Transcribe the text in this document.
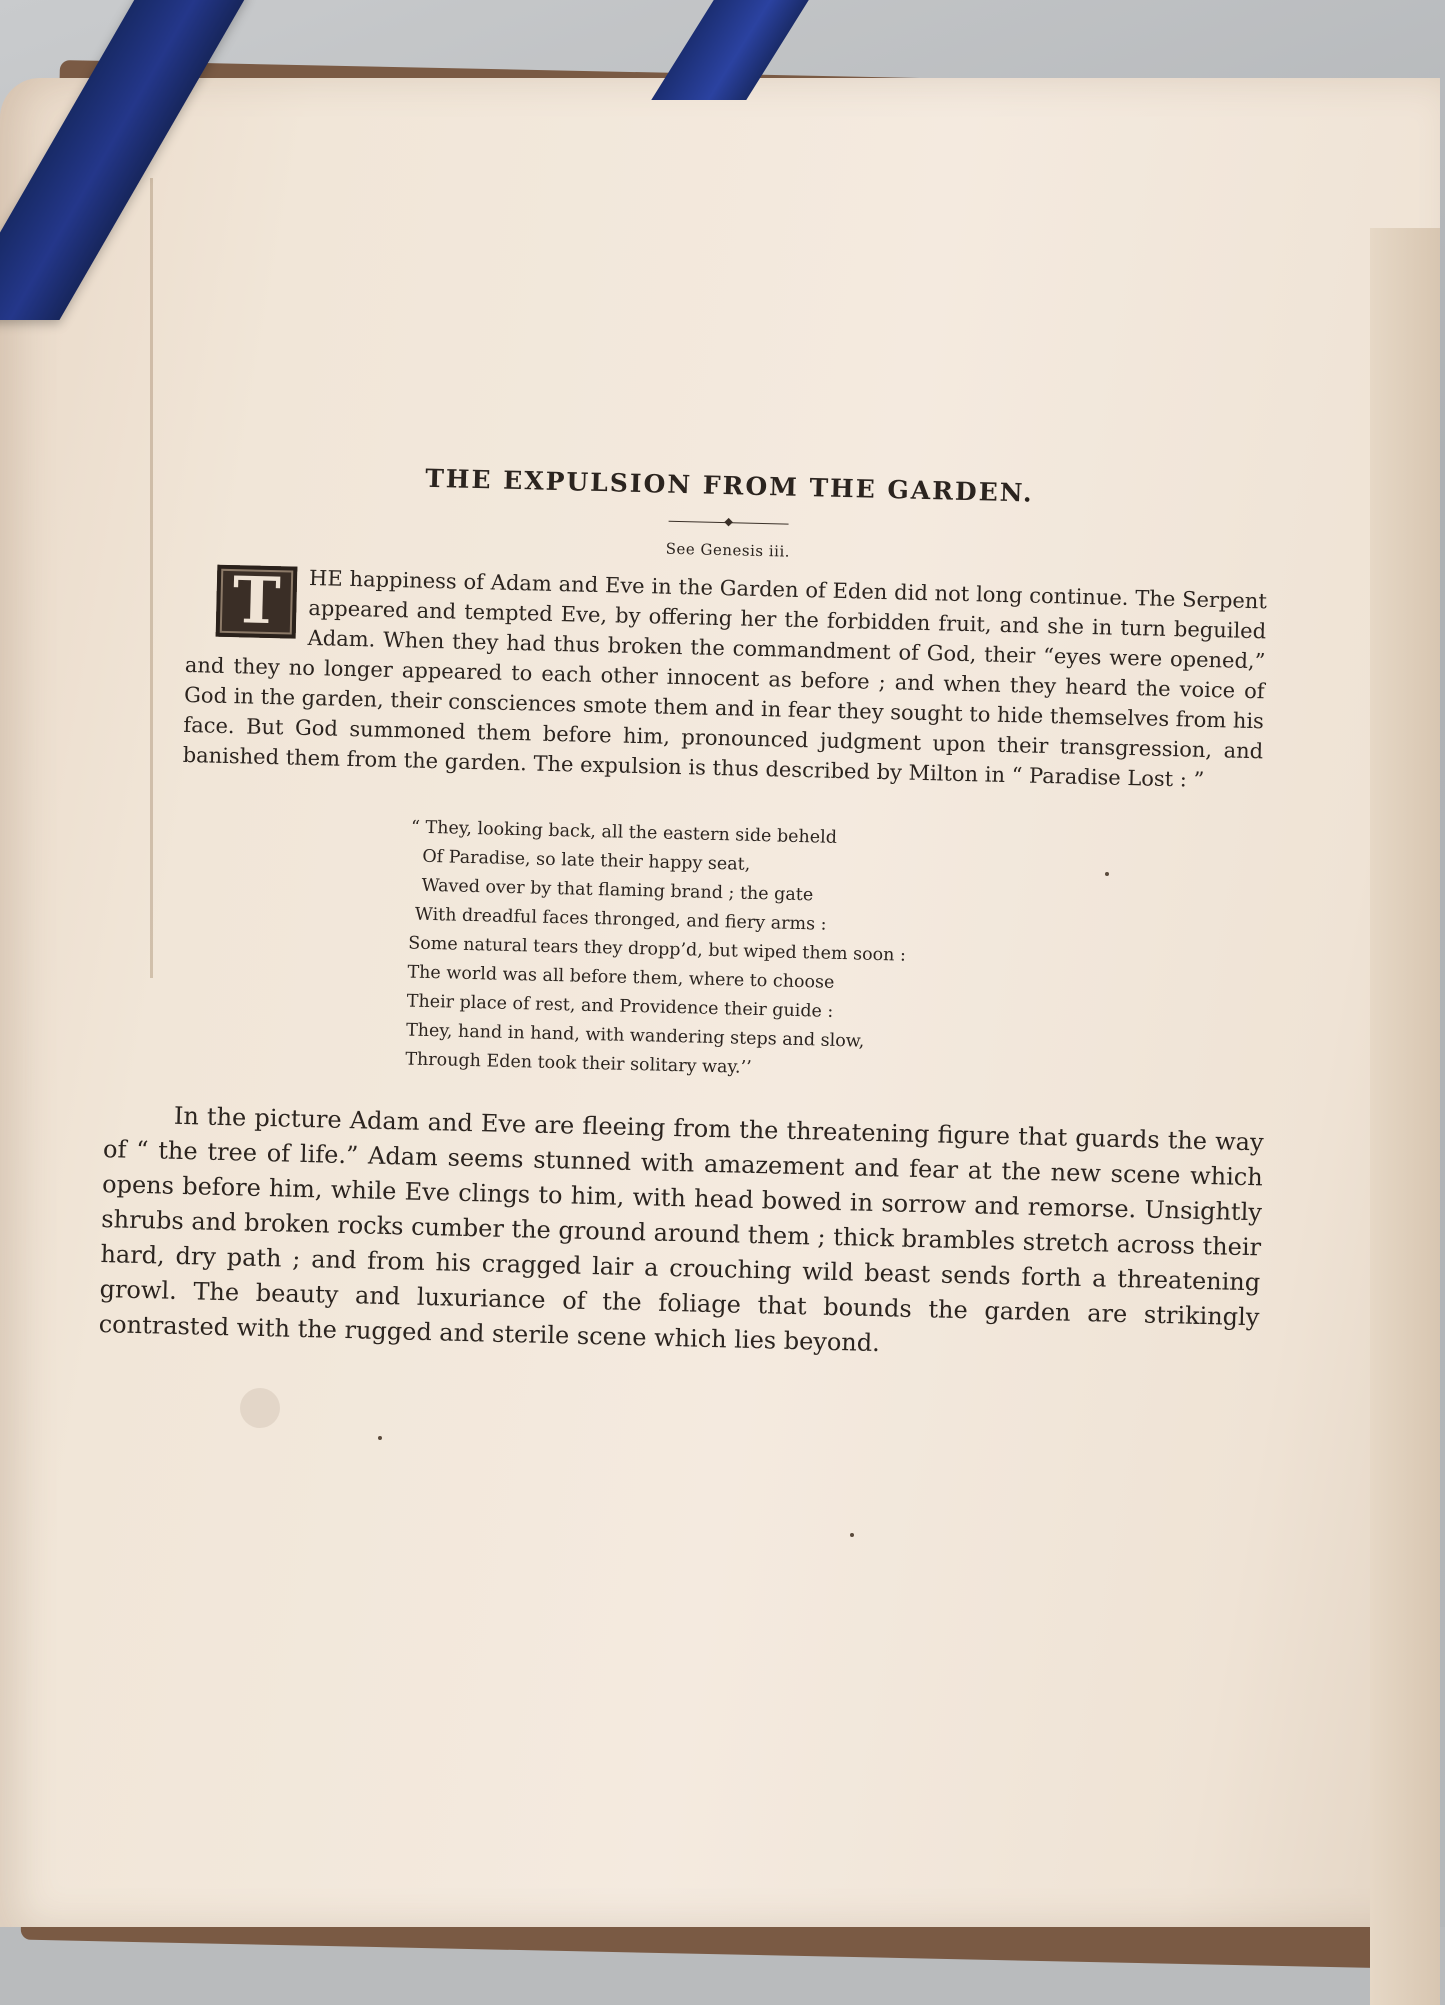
THE EXPULSION FROM THE GARDEN.
See Genesis iii.

T	HE happiness of Adam and Eve in the Garden of Eden did not long continue. The Serpent appeared and tempted Eve, by offering her the forbidden fruit, and she in turn beguiled Adam. When they had thus broken the commandment of God, their “eyes were opened,” and they no longer appeared to each other innocent as before ; and when they heard the voice of God in the garden, their consciences smote them and in fear they sought to hide themselves from his face. But God summoned them before him, pronounced judgment upon their transgression, and banished them from the garden. The expulsion is thus described by Milton in “ Paradise Lost : ”

“ They, looking back, all the eastern side beheld
Of Paradise, so late their happy seat,
Waved over by that flaming brand ; the gate
With dreadful faces thronged, and fiery arms :
Some natural tears they dropp’d, but wiped them soon :
The world was all before them, where to choose
Their place of rest, and Providence their guide :
They, hand in hand, with wandering steps and slow,
Through Eden took their solitary way.’’

In the picture Adam and Eve are fleeing from the threatening figure that guards the way of “ the tree of life.” Adam seems stunned with amazement and fear at the new scene which opens before him, while Eve clings to him, with head bowed in sorrow and remorse. Unsightly shrubs and broken rocks cumber the ground around them ; thick brambles stretch across their hard, dry path ; and from his cragged lair a crouching wild beast sends forth a threatening growl. The beauty and luxuriance of the foliage that bounds the garden are strikingly contrasted with the rugged and sterile scene which lies beyond.
